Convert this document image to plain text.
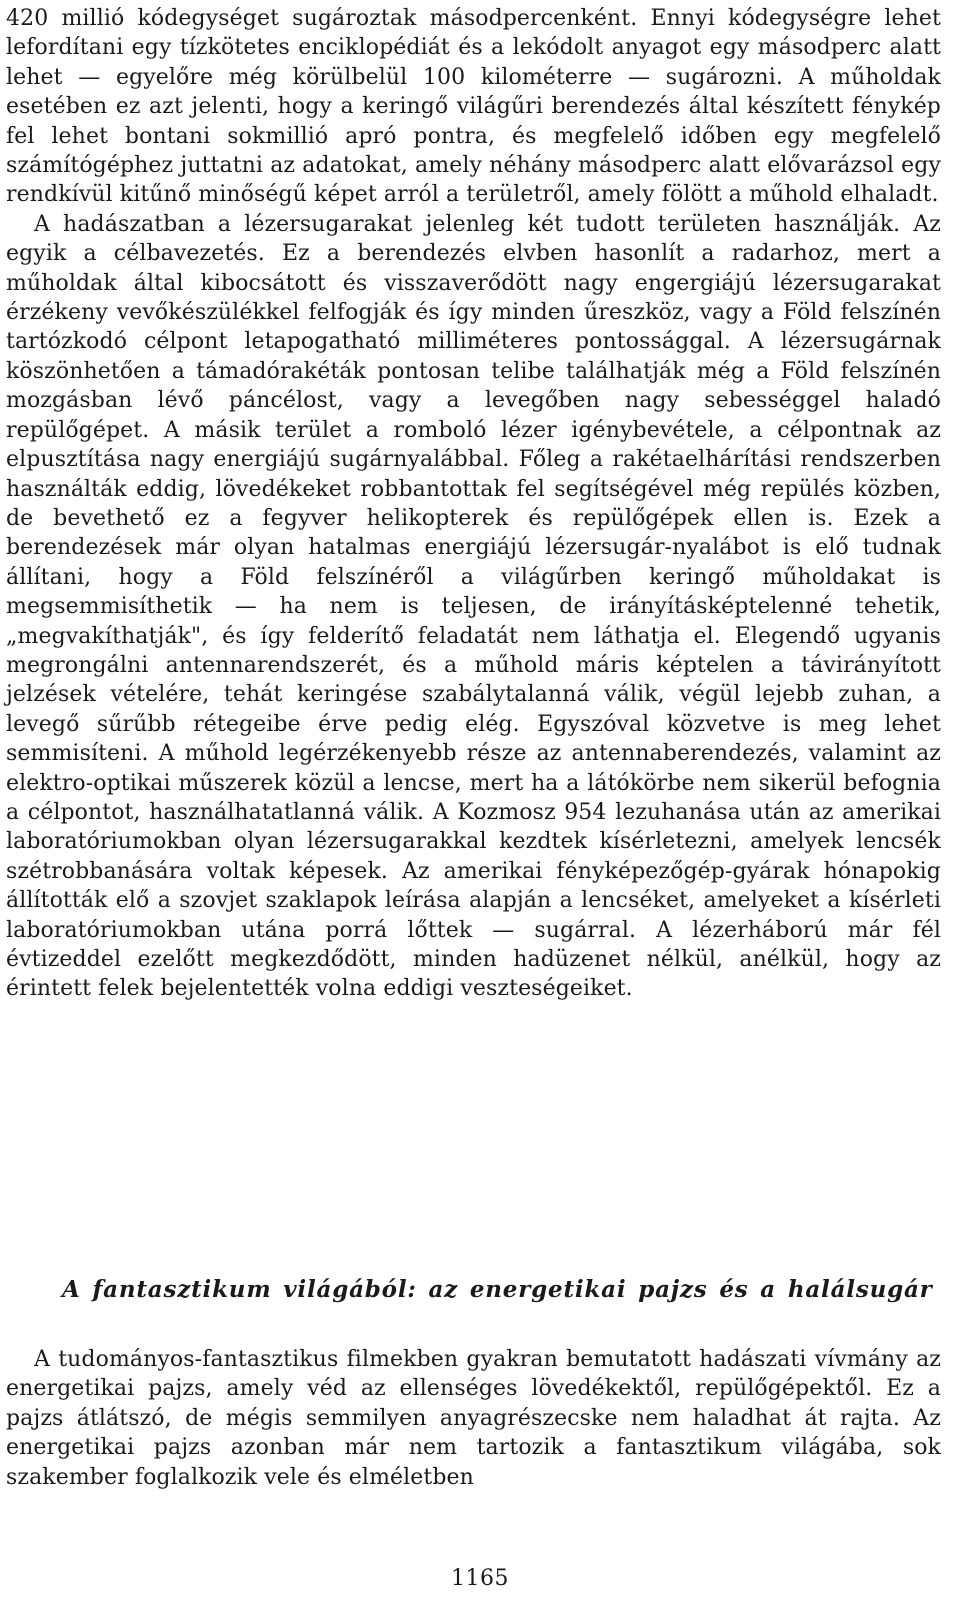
420 millió kódegységet sugároztak másodpercenként. Ennyi kódegységre lehet lefordítani egy tízkötetes enciklopédiát és a lekódolt anyagot egy másodperc alatt lehet — egyelőre még körülbelül 100 kilométerre — sugározni. A műholdak esetében ez azt jelenti, hogy a keringő világűri berendezés által készített fénykép fel lehet bontani sokmillió apró pontra, és megfelelő időben egy megfelelő számítógéphez juttatni az adatokat, amely néhány másodperc alatt elővarázsol egy rendkívül kitűnő minőségű képet arról a területről, amely fölött a műhold elhaladt.

A hadászatban a lézersugarakat jelenleg két tudott területen használják. Az egyik a célbavezetés. Ez a berendezés elvben hasonlít a radarhoz, mert a műholdak által kibocsátott és visszaverődött nagy engergiájú lézersugarakat érzékeny vevőkészülékkel felfogják és így minden űreszköz, vagy a Föld felszínén tartózkodó célpont letapogatható milliméteres pontossággal. A lézersugárnak köszönhetően a támadórakéták pontosan telibe találhatják még a Föld felszínén mozgásban lévő páncélost, vagy a levegőben nagy sebességgel haladó repülőgépet. A másik terület a romboló lézer igénybevétele, a célpontnak az elpusztítása nagy energiájú sugárnyalábbal. Főleg a rakétaelhárítási rendszerben használták eddig, lövedékeket robbantottak fel segítségével még repülés közben, de bevethető ez a fegyver helikopterek és repülőgépek ellen is. Ezek a berendezések már olyan hatalmas energiájú lézersugár-nyalábot is elő tudnak állítani, hogy a Föld felszínéről a világűrben keringő műholdakat is megsemmisíthetik — ha nem is teljesen, de irányításképtelenné tehetik, „megvakíthatják", és így felderítő feladatát nem láthatja el. Elegendő ugyanis megrongálni antennarendszerét, és a műhold máris képtelen a távirányított jelzések vételére, tehát keringése szabálytalanná válik, végül lejebb zuhan, a levegő sűrűbb rétegeibe érve pedig elég. Egyszóval közvetve is meg lehet semmisíteni. A műhold legérzékenyebb része az antennaberendezés, valamint az elektro-optikai műszerek közül a lencse, mert ha a látókörbe nem sikerül befognia a célpontot, használhatatlanná válik. A Kozmosz 954 lezuhanása után az amerikai laboratóriumokban olyan lézersugarakkal kezdtek kísérletezni, amelyek lencsék szétrobbanására voltak képesek. Az amerikai fényképezőgép-gyárak hónapokig állították elő a szovjet szaklapok leírása alapján a lencséket, amelyeket a kísérleti laboratóriumokban utána porrá lőttek — sugárral. A lézerháború már fél évtizeddel ezelőtt megkezdődött, minden hadüzenet nélkül, anélkül, hogy az érintett felek bejelentették volna eddigi veszteségeiket.

A fantasztikum világából: az energetikai pajzs és a halálsugár

A tudományos-fantasztikus filmekben gyakran bemutatott hadászati vívmány az energetikai pajzs, amely véd az ellenséges lövedékektől, repülőgépektől. Ez a pajzs átlátszó, de mégis semmilyen anyagrészecske nem haladhat át rajta. Az energetikai pajzs azonban már nem tartozik a fantasztikum világába, sok szakember foglalkozik vele és elméletben

1165
